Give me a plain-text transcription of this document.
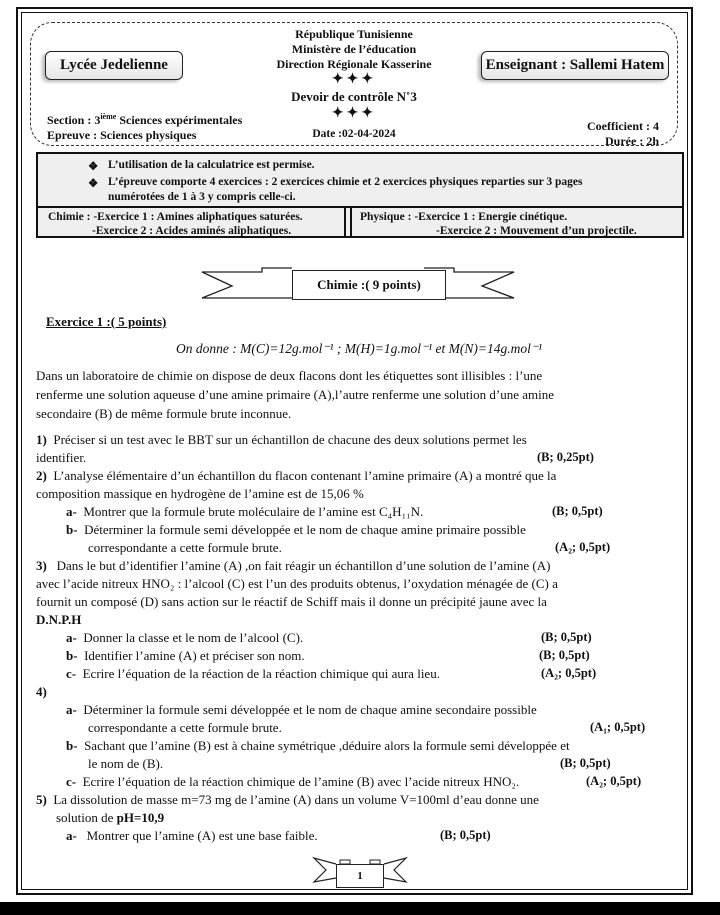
République Tunisienne
Ministère de l’éducation
Direction Régionale Kasserine
✦✦✦
Devoir de contrôle N˚3
✦✦✦
Date :02-04-2024
Lycée Jedelienne	Enseignant : Sallemi Hatem
Section : 3ième Sciences expérimentales
Epreuve : Sciences physiques
Coefficient : 4
Durée : 2h
❖ L’utilisation de la calculatrice est permise.
❖ L’épreuve comporte 4 exercices : 2 exercices chimie et 2 exercices physiques reparties sur 3 pages
numérotées de 1 à 3 y compris celle-ci.
Chimie : -Exercice 1 : Amines aliphatiques saturées.
-Exercice 2 : Acides aminés aliphatiques.
Physique : -Exercice 1 : Energie cinétique.
-Exercice 2 : Mouvement d’un projectile.
Chimie :( 9 points)
Exercice 1 :( 5 points)
On donne : M(C)=12g.mol⁻¹ ; M(H)=1g.mol⁻¹ et M(N)=14g.mol⁻¹
Dans un laboratoire de chimie on dispose de deux flacons dont les étiquettes sont illisibles : l’une
renferme une solution aqueuse d’une amine primaire (A),l’autre renferme une solution d’une amine
secondaire (B) de même formule brute inconnue.
1) Préciser si un test avec le BBT sur un échantillon de chacune des deux solutions permet les
identifier.	(B; 0,25pt)
2) L’analyse élémentaire d’un échantillon du flacon contenant l’amine primaire (A) a montré que la
composition massique en hydrogène de l’amine est de 15,06 %
a- Montrer que la formule brute moléculaire de l’amine est C₄H₁₁N.	(B; 0,5pt)
b- Déterminer la formule semi développée et le nom de chaque amine primaire possible
correspondante a cette formule brute.	(A₂; 0,5pt)
3) Dans le but d’identifier l’amine (A) ,on fait réagir un échantillon d’une solution de l’amine (A)
avec l’acide nitreux HNO₂ : l’alcool (C) est l’un des produits obtenus, l’oxydation ménagée de (C) a
fournit un composé (D) sans action sur le réactif de Schiff mais il donne un précipité jaune avec la
D.N.P.H
a- Donner la classe et le nom de l’alcool (C).	(B; 0,5pt)
b- Identifier l’amine (A) et préciser son nom.	(B; 0,5pt)
c- Ecrire l’équation de la réaction de la réaction chimique qui aura lieu.	(A₂; 0,5pt)
4)
a- Déterminer la formule semi développée et le nom de chaque amine secondaire possible
correspondante a cette formule brute.	(A₁; 0,5pt)
b- Sachant que l’amine (B) est à chaine symétrique ,déduire alors la formule semi développée et
le nom de (B).	(B; 0,5pt)
c- Ecrire l’équation de la réaction chimique de l’amine (B) avec l’acide nitreux HNO₂.	(A₂; 0,5pt)
5) La dissolution de masse m=73 mg de l’amine (A) dans un volume V=100ml d’eau donne une
solution de pH=10,9
a- Montrer que l’amine (A) est une base faible.	(B; 0,5pt)
1
